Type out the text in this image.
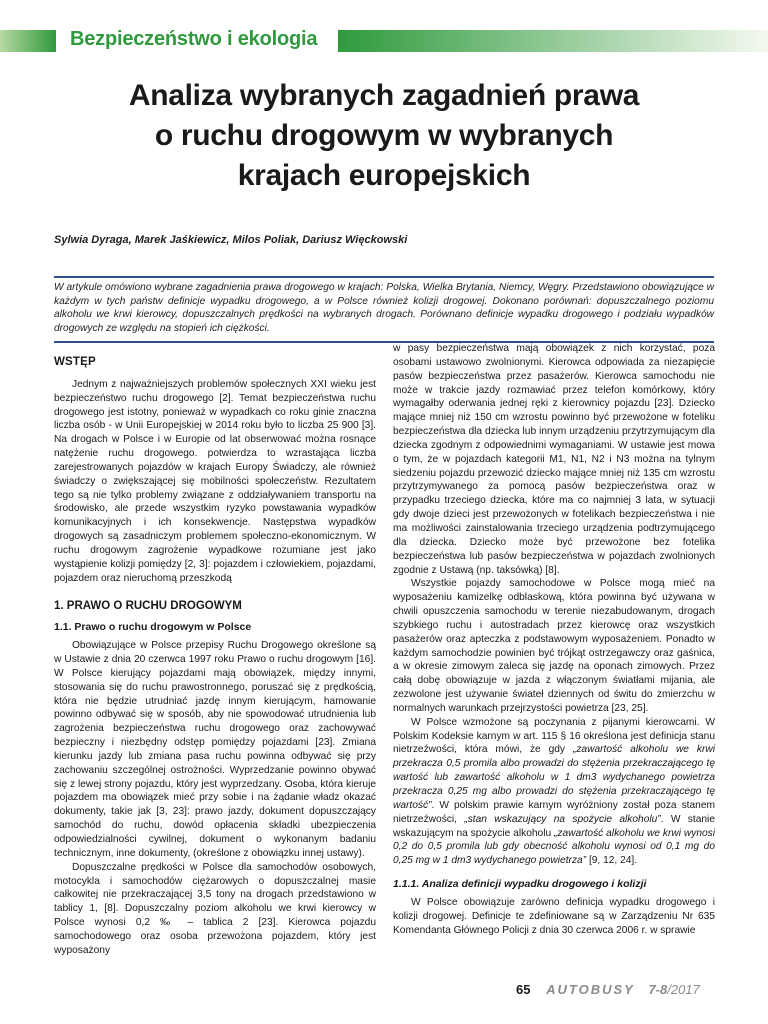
Bezpieczeństwo i ekologia
Analiza wybranych zagadnień prawa
o ruchu drogowym w wybranych
krajach europejskich
Sylwia Dyraga, Marek Jaśkiewicz, Milos Poliak, Dariusz Więckowski
W artykule omówiono wybrane zagadnienia prawa drogowego w krajach: Polska, Wielka Brytania, Niemcy, Węgry. Przedstawiono obowiązujące w każdym w tych państw definicje wypadku drogowego, a w Polsce również kolizji drogowej. Dokonano porównań: dopuszczalnego poziomu alkoholu we krwi kierowcy, dopuszczalnych prędkości na wybranych drogach. Porównano definicje wypadku drogowego i podziału wypadków drogowych ze względu na stopień ich ciężkości.
WSTĘP

Jednym z najważniejszych problemów społecznych XXI wieku jest bezpieczeństwo ruchu drogowego [2]. Temat bezpieczeństwa ruchu drogowego jest istotny, ponieważ w wypadkach co roku ginie znaczna liczba osób - w Unii Europejskiej w 2014 roku było to liczba 25 900 [3]. Na drogach w Polsce i w Europie od lat obserwować można rosnące natężenie ruchu drogowego. potwierdza to wzrastająca liczba zarejestrowanych pojazdów w krajach Europy Świadczy, ale również świadczy o zwiększającej się mobilności społeczeństw. Rezultatem tego są nie tylko problemy związane z oddziaływaniem transportu na środowisko, ale przede wszystkim ryzyko powstawania wypadków komunikacyjnych i ich konsekwencje. Następstwa wypadków drogowych są zasadniczym problemem społeczno-ekonomicznym. W ruchu drogowym zagrożenie wypadkowe rozumiane jest jako wystąpienie kolizji pomiędzy [2, 3]: pojazdem i człowiekiem, pojazdami, pojazdem oraz nieruchomą przeszkodą

1. PRAWO O RUCHU DROGOWYM
1.1. Prawo o ruchu drogowym w Polsce

Obowiązujące w Polsce przepisy Ruchu Drogowego określone są w Ustawie z dnia 20 czerwca 1997 roku Prawo o ruchu drogowym [16]. W Polsce kierujący pojazdami mają obowiązek, między innymi, stosowania się do ruchu prawostronnego, poruszać się z prędkością, która nie będzie utrudniać jazdę innym kierującym, hamowanie powinno odbywać się w sposób, aby nie spowodować utrudnienia lub zagrożenia bezpieczeństwa ruchu drogowego oraz zachowywać bezpieczny i niezbędny odstęp pomiędzy pojazdami [23]. Zmiana kierunku jazdy lub zmiana pasa ruchu powinna odbywać się przy zachowaniu szczególnej ostrożności. Wyprzedzanie powinno obywać się z lewej strony pojazdu, który jest wyprzedzany. Osoba, która kieruje pojazdem ma obowiązek mieć przy sobie i na żądanie władz okazać dokumenty, takie jak [3, 23]: prawo jazdy, dokument dopuszczający samochód do ruchu, dowód opłacenia składki ubezpieczenia odpowiedzialności cywilnej, dokument o wykonanym badaniu technicznym, inne dokumenty, (określone z obowiązku innej ustawy).

Dopuszczalne prędkości w Polsce dla samochodów osobowych, motocykla i samochodów ciężarowych o dopuszczalnej masie całkowitej nie przekraczającej 3,5 tony na drogach przedstawiono w tablicy 1, [8]. Dopuszczalny poziom alkoholu we krwi kierowcy w Polsce wynosi 0,2 ‰ – tablica 2 [23]. Kierowca pojazdu samochodowego oraz osoba przewożona pojazdem, który jest wyposażony

w pasy bezpieczeństwa mają obowiązek z nich korzystać, poza osobami ustawowo zwolnionymi. Kierowca odpowiada za niezapięcie pasów bezpieczeństwa przez pasażerów. Kierowca samochodu nie może w trakcie jazdy rozmawiać przez telefon komórkowy, który wymagałby oderwania jednej ręki z kierownicy pojazdu [23]. Dziecko mające mniej niż 150 cm wzrostu powinno być przewożone w foteliku bezpieczeństwa dla dziecka lub innym urządzeniu przytrzymującym dla dziecka zgodnym z odpowiednimi wymaganiami. W ustawie jest mowa o tym, że w pojazdach kategorii M1, N1, N2 i N3 można na tylnym siedzeniu pojazdu przewozić dziecko mające mniej niż 135 cm wzrostu przytrzymywanego za pomocą pasów bezpieczeństwa oraz w przypadku trzeciego dziecka, które ma co najmniej 3 lata, w sytuacji gdy dwoje dzieci jest przewożonych w fotelikach bezpieczeństwa i nie ma możliwości zainstalowania trzeciego urządzenia podtrzymującego dla dziecka. Dziecko może być przewożone bez fotelika bezpieczeństwa lub pasów bezpieczeństwa w pojazdach zwolnionych zgodnie z Ustawą (np. taksówką) [8].

Wszystkie pojazdy samochodowe w Polsce mogą mieć na wyposażeniu kamizelkę odblaskową, która powinna być używana w chwili opuszczenia samochodu w terenie niezabudowanym, drogach szybkiego ruchu i autostradach przez kierowcę oraz wszystkich pasażerów oraz apteczka z podstawowym wyposażeniem. Ponadto w każdym samochodzie powinien być trójkąt ostrzegawczy oraz gaśnica, a w okresie zimowym zaleca się jazdę na oponach zimowych. Przez całą dobę obowiązuje w jazda z włączonym światłami mijania, ale zezwolone jest używanie świateł dziennych od świtu do zmierzchu w normalnych warunkach przejrzystości powietrza [23, 25].

W Polsce wzmożone są poczynania z pijanymi kierowcami. W Polskim Kodeksie karnym w art. 115 § 16 określona jest definicja stanu nietrzeźwości, która mówi, że gdy „zawartość alkoholu we krwi przekracza 0,5 promila albo prowadzi do stężenia przekraczającego tę wartość lub zawartość alkoholu w 1 dm3 wydychanego powietrza przekracza 0,25 mg albo prowadzi do stężenia przekraczającego tę wartość”. W polskim prawie karnym wyróżniony został poza stanem nietrzeźwości, „stan wskazujący na spożycie alkoholu”. W stanie wskazującym na spożycie alkoholu „zawartość alkoholu we krwi wynosi 0,2 do 0,5 promila lub gdy obecność alkoholu wynosi od 0,1 mg do 0,25 mg w 1 dm3 wydychanego powietrza” [9, 12, 24].

1.1.1. Analiza definicji wypadku drogowego i kolizji

W Polsce obowiązuje zarówno definicja wypadku drogowego i kolizji drogowej. Definicje te zdefiniowane są w Zarządzeniu Nr 635 Komendanta Głównego Policji z dnia 30 czerwca 2006 r. w sprawie

65 AUTOBUSY 7-8/2017
